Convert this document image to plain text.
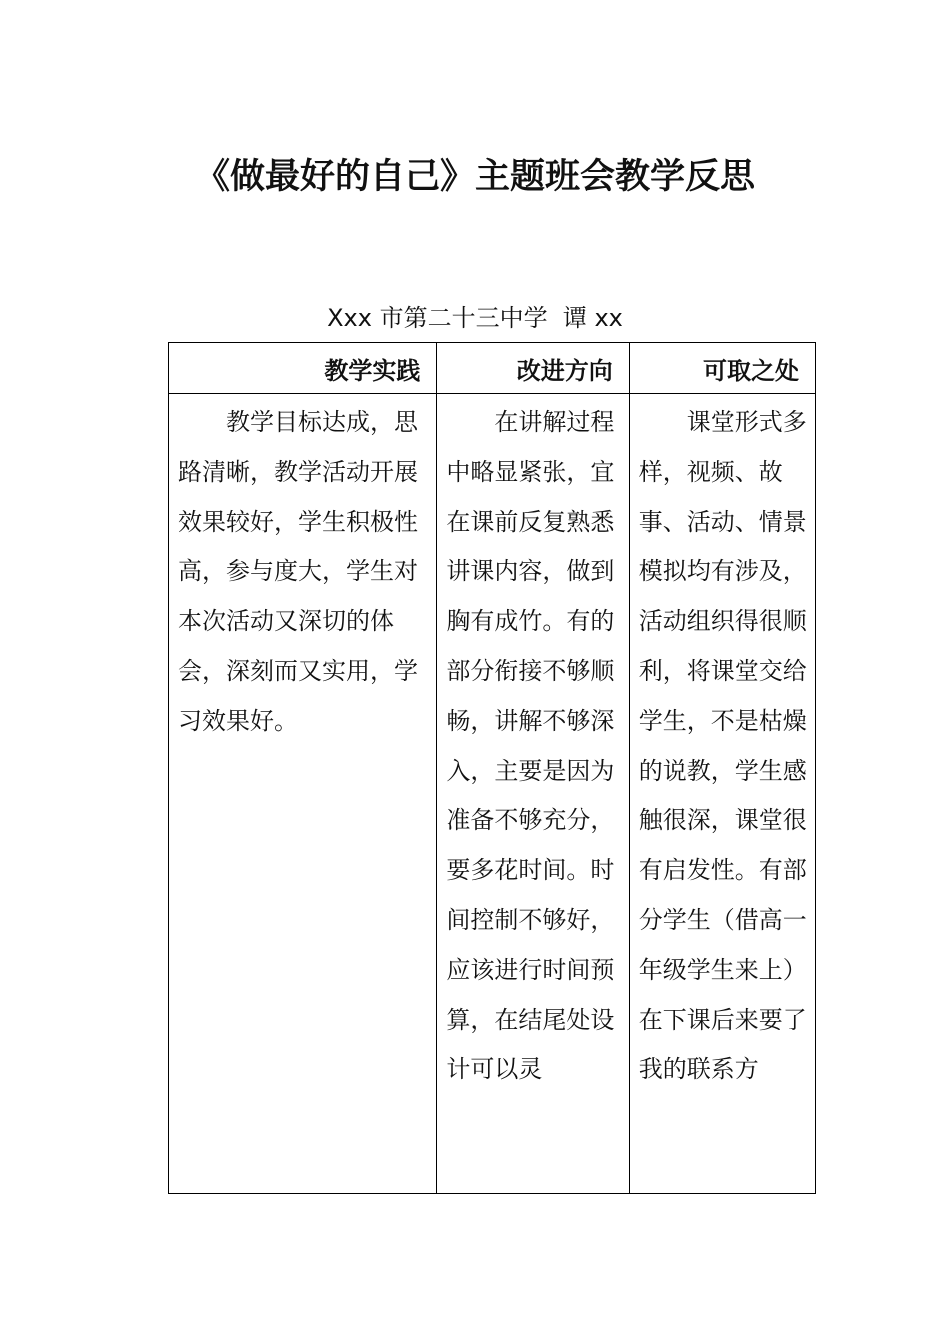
《做最好的自己》主题班会教学反思

Xxx 市第二十三中学  谭 xx

教学实践	改进方向	可取之处
教学目标达成，思路清晰，教学活动开展效果较好，学生积极性高，参与度大，学生对本次活动又深切的体会，深刻而又实用，学习效果好。	在讲解过程中略显紧张，宜在课前反复熟悉讲课内容，做到胸有成竹。有的部分衔接不够顺畅，讲解不够深入，主要是因为准备不够充分，要多花时间。时间控制不够好，应该进行时间预算，在结尾处设计可以灵	课堂形式多样，视频、故事、活动、情景模拟均有涉及，活动组织得很顺利，将课堂交给学生，不是枯燥的说教，学生感触很深，课堂很有启发性。有部分学生（借高一年级学生来上）在下课后来要了我的联系方
